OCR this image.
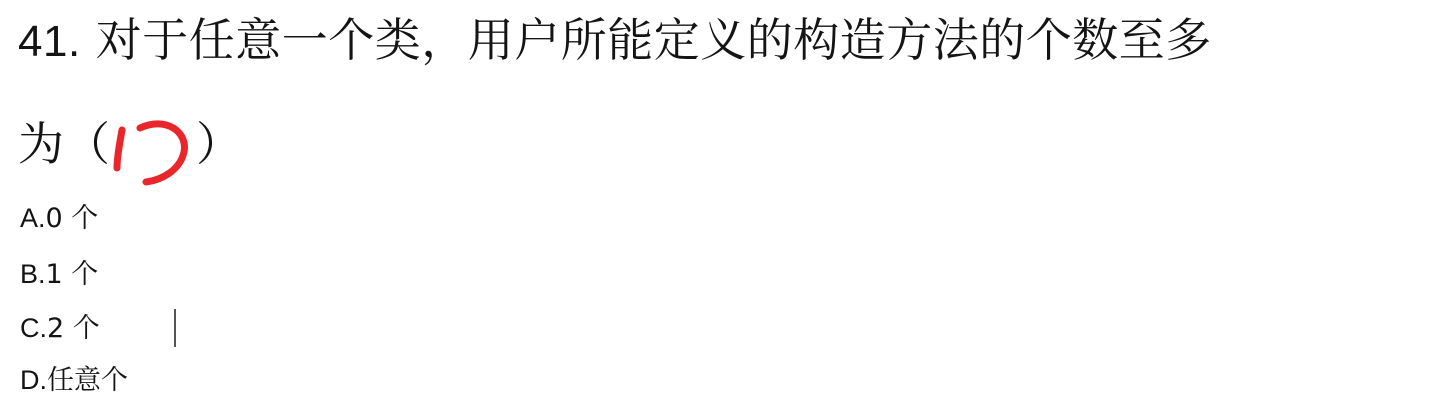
41. 对于任意一个类，用户所能定义的构造方法的个数至多
为（ ）
A.0 个
B.1 个
C.2 个
D.任意个
